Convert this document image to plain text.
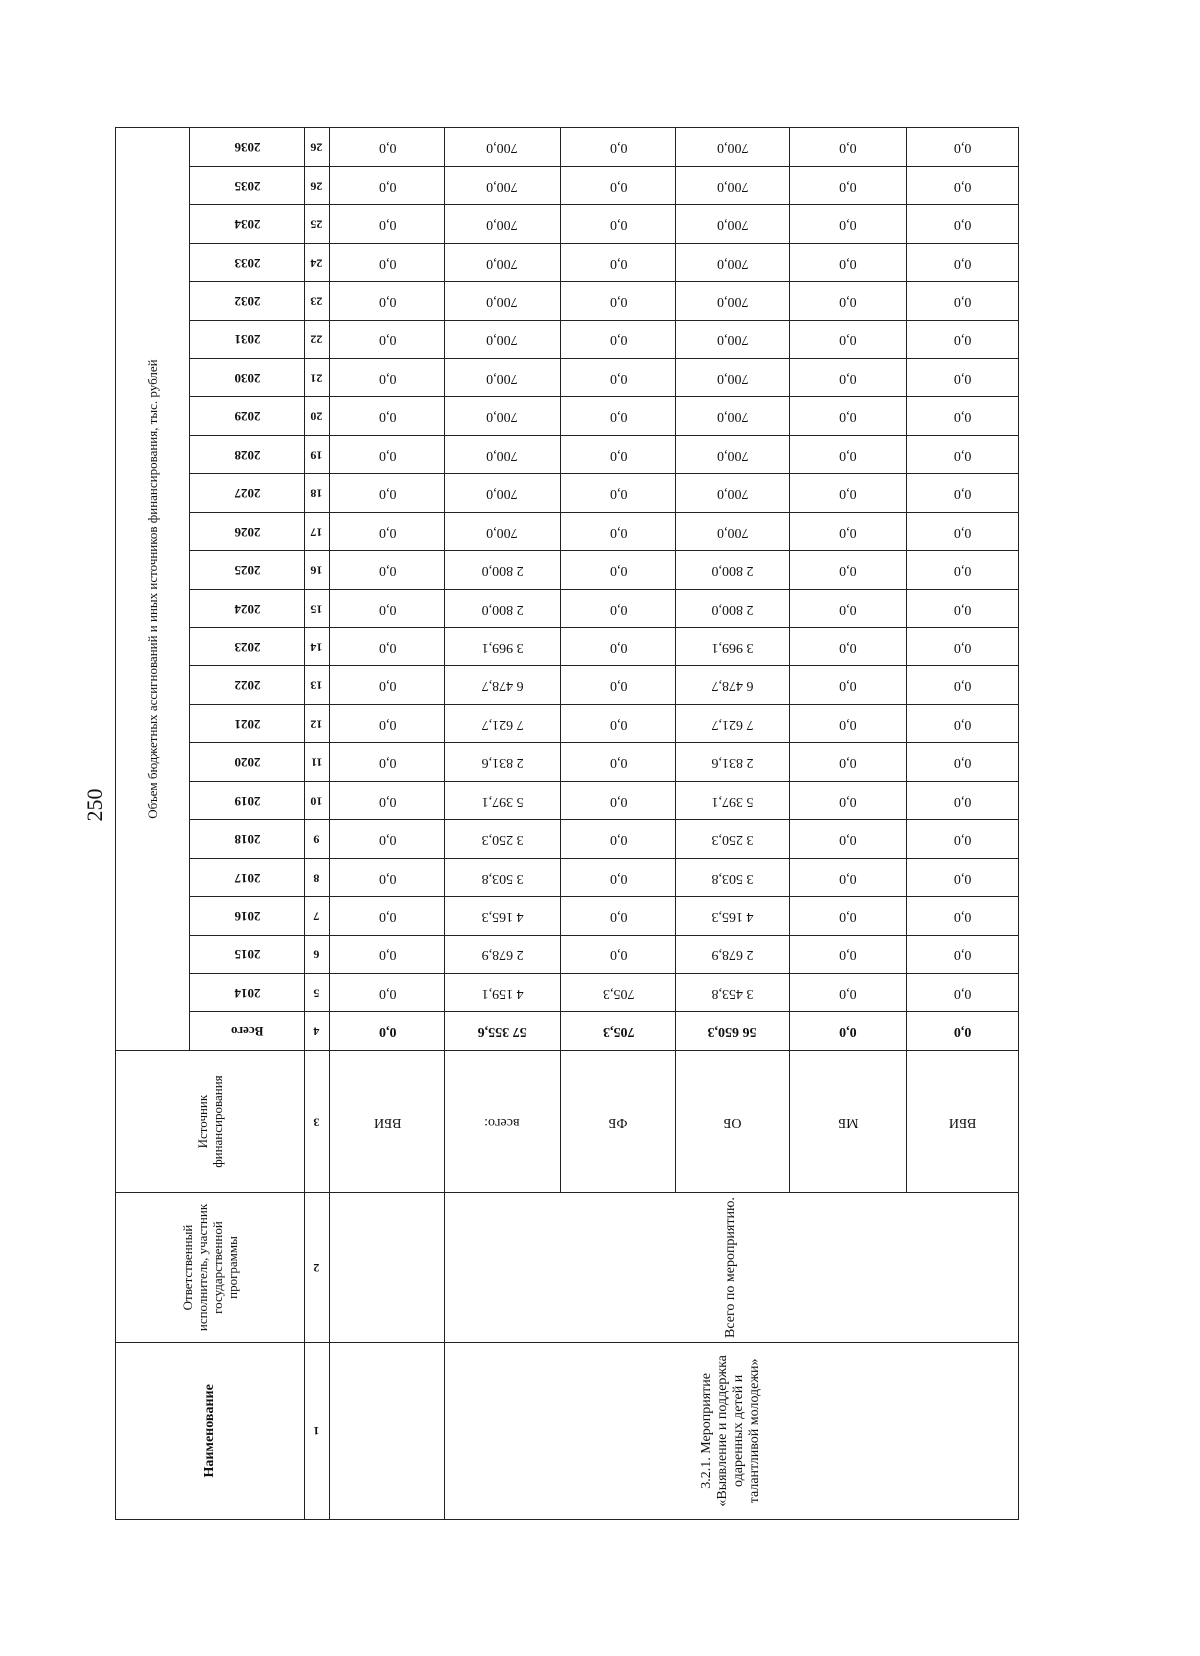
250
Наименование	Ответственный исполнитель, участник государственной программы	Источник финансирования	Объем бюджетных ассигнований и иных источников финансирования, тыс. рублей																							
			Всего	2014	2015	2016	2017	2018	2019	2020	2021	2022	2023	2024	2025	2026	2027	2028	2029	2030	2031	2032	2033	2034	2035	2036
1	2	3	4	5	6	7	8	9	10	11	12	13	14	15	16	17	18	19	20	21	22	23	24	25	26	26
		ВБИ	0,0	0,0	0,0	0,0	0,0	0,0	0,0	0,0	0,0	0,0	0,0	0,0	0,0	0,0	0,0	0,0	0,0	0,0	0,0	0,0	0,0	0,0	0,0	0,0
3.2.1. Мероприятие «Выявление и поддержка одаренных детей и талантливой молодежи»	Всего по мероприятию.	всего:	57 355,6	4 159,1	2 678,9	4 165,3	3 503,8	3 250,3	5 397,1	2 831,6	7 621,7	6 478,7	3 969,1	2 800,0	2 800,0	700,0	700,0	700,0	700,0	700,0	700,0	700,0	700,0	700,0	700,0	700,0
		ФБ	705,3	705,3	0,0	0,0	0,0	0,0	0,0	0,0	0,0	0,0	0,0	0,0	0,0	0,0	0,0	0,0	0,0	0,0	0,0	0,0	0,0	0,0	0,0	0,0
		ОБ	56 650,3	3 453,8	2 678,9	4 165,3	3 503,8	3 250,3	5 397,1	2 831,6	7 621,7	6 478,7	3 969,1	2 800,0	2 800,0	700,0	700,0	700,0	700,0	700,0	700,0	700,0	700,0	700,0	700,0	700,0
		МБ	0,0	0,0	0,0	0,0	0,0	0,0	0,0	0,0	0,0	0,0	0,0	0,0	0,0	0,0	0,0	0,0	0,0	0,0	0,0	0,0	0,0	0,0	0,0	0,0
		ВБИ	0,0	0,0	0,0	0,0	0,0	0,0	0,0	0,0	0,0	0,0	0,0	0,0	0,0	0,0	0,0	0,0	0,0	0,0	0,0	0,0	0,0	0,0	0,0	0,0
